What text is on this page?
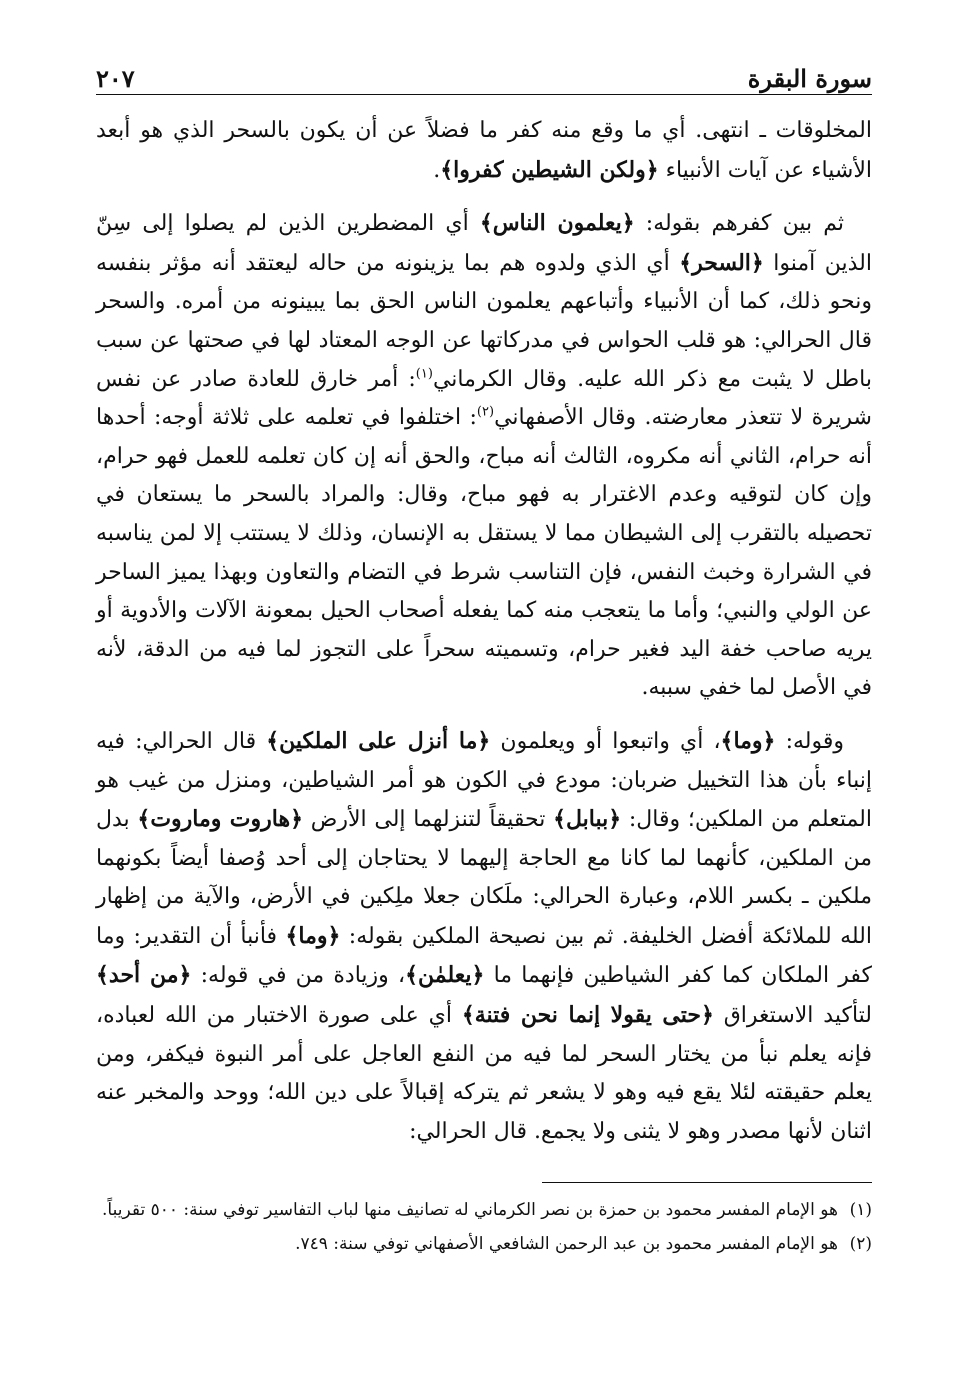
٢٠٧	سورة البقرة

المخلوقات ـ انتهى. أي ما وقع منه كفر ما فضلاً عن أن يكون بالسحر الذي هو أبعد الأشياء عن آيات الأنبياء ﴿ولكن الشيطين كفروا﴾.

ثم بين كفرهم بقوله: ﴿يعلمون الناس﴾ أي المضطرين الذين لم يصلوا إلى سِنّ الذين آمنوا ﴿السحر﴾ أي الذي ولدوه هم بما يزينونه من حاله ليعتقد أنه مؤثر بنفسه ونحو ذلك، كما أن الأنبياء وأتباعهم يعلمون الناس الحق بما يبينونه من أمره. والسحر قال الحرالي: هو قلب الحواس في مدركاتها عن الوجه المعتاد لها في صحتها عن سبب باطل لا يثبت مع ذكر الله عليه. وقال الكرماني$^{(١)}$: أمر خارق للعادة صادر عن نفس شريرة لا تتعذر معارضته. وقال الأصفهاني$^{(٢)}$: اختلفوا في تعلمه على ثلاثة أوجه: أحدها أنه حرام، الثاني أنه مكروه، الثالث أنه مباح، والحق أنه إن كان تعلمه للعمل فهو حرام، وإن كان لتوقيه وعدم الاغترار به فهو مباح، وقال: والمراد بالسحر ما يستعان في تحصيله بالتقرب إلى الشيطان مما لا يستقل به الإنسان، وذلك لا يستتب إلا لمن يناسبه في الشرارة وخبث النفس، فإن التناسب شرط في التضام والتعاون وبهذا يميز الساحر عن الولي والنبي؛ وأما ما يتعجب منه كما يفعله أصحاب الحيل بمعونة الآلات والأدوية أو يريه صاحب خفة اليد فغير حرام، وتسميته سحراً على التجوز لما فيه من الدقة، لأنه في الأصل لما خفي سببه.

وقوله: ﴿وما﴾، أي واتبعوا أو ويعلمون ﴿ما أنزل على الملكين﴾ قال الحرالي: فيه إنباء بأن هذا التخييل ضربان: مودع في الكون هو أمر الشياطين، ومنزل من غيب هو المتعلم من الملكين؛ وقال: ﴿ببابل﴾ تحقيقاً لتنزلهما إلى الأرض ﴿هاروت وماروت﴾ بدل من الملكين، كأنهما لما كانا مع الحاجة إليهما لا يحتاجان إلى أحد وُصفا أيضاً بكونهما ملكين ـ بكسر اللام، وعبارة الحرالي: ملَكان جعلا ملِكين في الأرض، والآية من إظهار الله للملائكة أفضل الخليفة. ثم بين نصيحة الملكين بقوله: ﴿وما﴾ فأنبأ أن التقدير: وما كفر الملكان كما كفر الشياطين فإنهما ما ﴿يعلمٰن﴾، وزيادة من في قوله: ﴿من أحد﴾ لتأكيد الاستغراق ﴿حتى يقولا إنما نحن فتنة﴾ أي على صورة الاختبار من الله لعباده، فإنه يعلم نبأ من يختار السحر لما فيه من النفع العاجل على أمر النبوة فيكفر، ومن يعلم حقيقته لئلا يقع فيه وهو لا يشعر ثم يتركه إقبالاً على دين الله؛ ووحد والمخبر عنه اثنان لأنها مصدر وهو لا يثنى ولا يجمع. قال الحرالي:

(١)
هو الإمام المفسر محمود بن حمزة بن نصر الكرماني له تصانيف منها لباب التفاسير توفي سنة: ٥٠٠ تقريباً.

(٢)
هو الإمام المفسر محمود بن عبد الرحمن الشافعي الأصفهاني توفي سنة: ٧٤٩.
